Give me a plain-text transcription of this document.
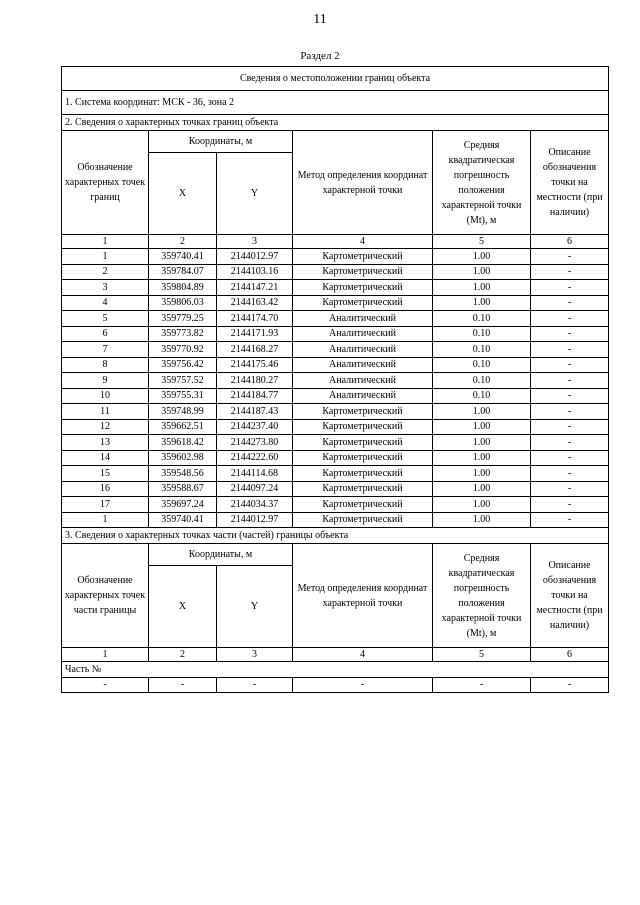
11
Раздел 2
Сведения о местоположении границ объекта					
1. Система координат: МСК - 36, зона 2					
2. Сведения о характерных точках границ объекта					
Обозначение характерных точек границ	Координаты, м		Метод определения координат характерной точки	Средняя квадратическая погрешность положения характерной точки (Mt), м	Описание обозначения точки на местности (при наличии)
	X	Y			
1	2	3	4	5	6
1	359740.41	2144012.97	Картометрический	1.00	-
2	359784.07	2144103.16	Картометрический	1.00	-
3	359804.89	2144147.21	Картометрический	1.00	-
4	359806.03	2144163.42	Картометрический	1.00	-
5	359779.25	2144174.70	Аналитический	0.10	-
6	359773.82	2144171.93	Аналитический	0.10	-
7	359770.92	2144168.27	Аналитический	0.10	-
8	359756.42	2144175.46	Аналитический	0.10	-
9	359757.52	2144180.27	Аналитический	0.10	-
10	359755.31	2144184.77	Аналитический	0.10	-
11	359748.99	2144187.43	Картометрический	1.00	-
12	359662.51	2144237.40	Картометрический	1.00	-
13	359618.42	2144273.80	Картометрический	1.00	-
14	359602.98	2144222.60	Картометрический	1.00	-
15	359548.56	2144114.68	Картометрический	1.00	-
16	359588.67	2144097.24	Картометрический	1.00	-
17	359697.24	2144034.37	Картометрический	1.00	-
1	359740.41	2144012.97	Картометрический	1.00	-
3. Сведения о характерных точках части (частей) границы объекта					
Обозначение характерных точек части границы	Координаты, м		Метод определения координат характерной точки	Средняя квадратическая погрешность положения характерной точки (Mt), м	Описание обозначения точки на местности (при наличии)
	X	Y			
1	2	3	4	5	6
Часть №					
-	-	-	-	-	-
